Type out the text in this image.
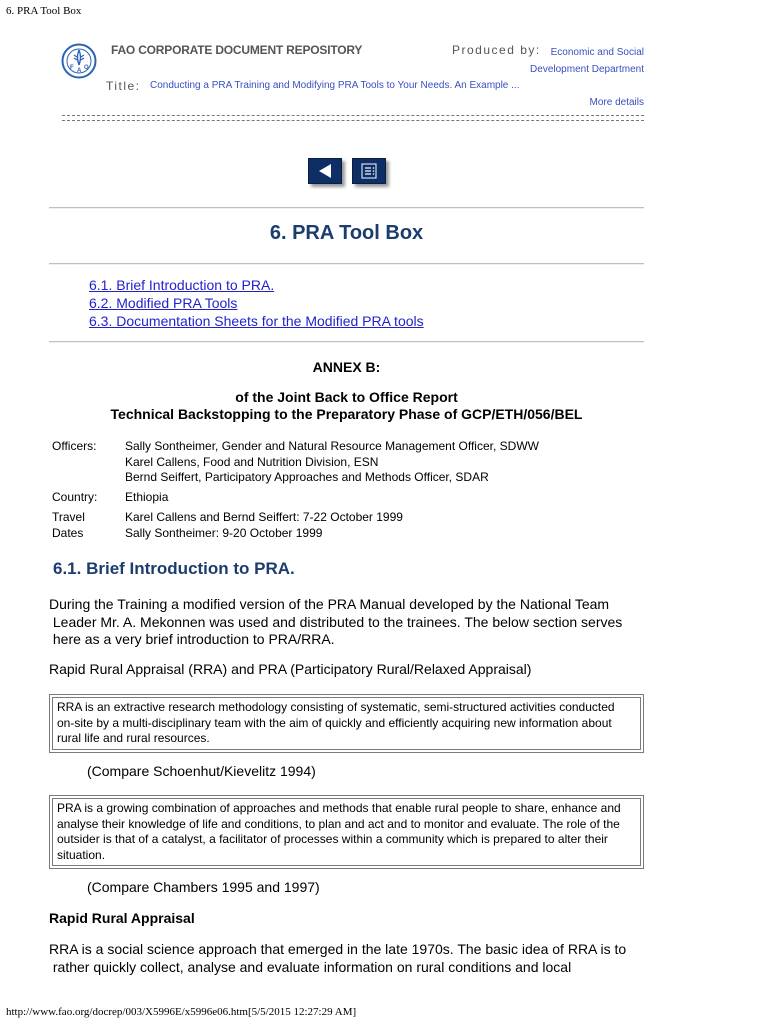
6. PRA Tool Box
F A O
FAO CORPORATE DOCUMENT REPOSITORY	Produced by: Economic and Social
Development Department
Title: Conducting a PRA Training and Modifying PRA Tools to Your Needs. An Example ...
More details
6. PRA Tool Box
6.1. Brief Introduction to PRA.
6.2. Modified PRA Tools
6.3. Documentation Sheets for the Modified PRA tools
ANNEX B:
of the Joint Back to Office Report
Technical Backstopping to the Preparatory Phase of GCP/ETH/056/BEL
Officers: Sally Sontheimer, Gender and Natural Resource Management Officer, SDWW
Karel Callens, Food and Nutrition Division, ESN
Bernd Seiffert, Participatory Approaches and Methods Officer, SDAR
Country: Ethiopia
Travel Dates
Karel Callens and Bernd Seiffert: 7-22 October 1999
Sally Sontheimer: 9-20 October 1999
6.1. Brief Introduction to PRA.
During the Training a modified version of the PRA Manual developed by the National Team
Leader Mr. A. Mekonnen was used and distributed to the trainees. The below section serves
here as a very brief introduction to PRA/RRA.
Rapid Rural Appraisal (RRA) and PRA (Participatory Rural/Relaxed Appraisal)
RRA is an extractive research methodology consisting of systematic, semi-structured activities conducted
on-site by a multi-disciplinary team with the aim of quickly and efficiently acquiring new information about
rural life and rural resources.
(Compare Schoenhut/Kievelitz 1994)
PRA is a growing combination of approaches and methods that enable rural people to share, enhance and
analyse their knowledge of life and conditions, to plan and act and to monitor and evaluate. The role of the
outsider is that of a catalyst, a facilitator of processes within a community which is prepared to alter their
situation.
(Compare Chambers 1995 and 1997)
Rapid Rural Appraisal
RRA is a social science approach that emerged in the late 1970s. The basic idea of RRA is to
rather quickly collect, analyse and evaluate information on rural conditions and local
http://www.fao.org/docrep/003/X5996E/x5996e06.htm[5/5/2015 12:27:29 AM]
